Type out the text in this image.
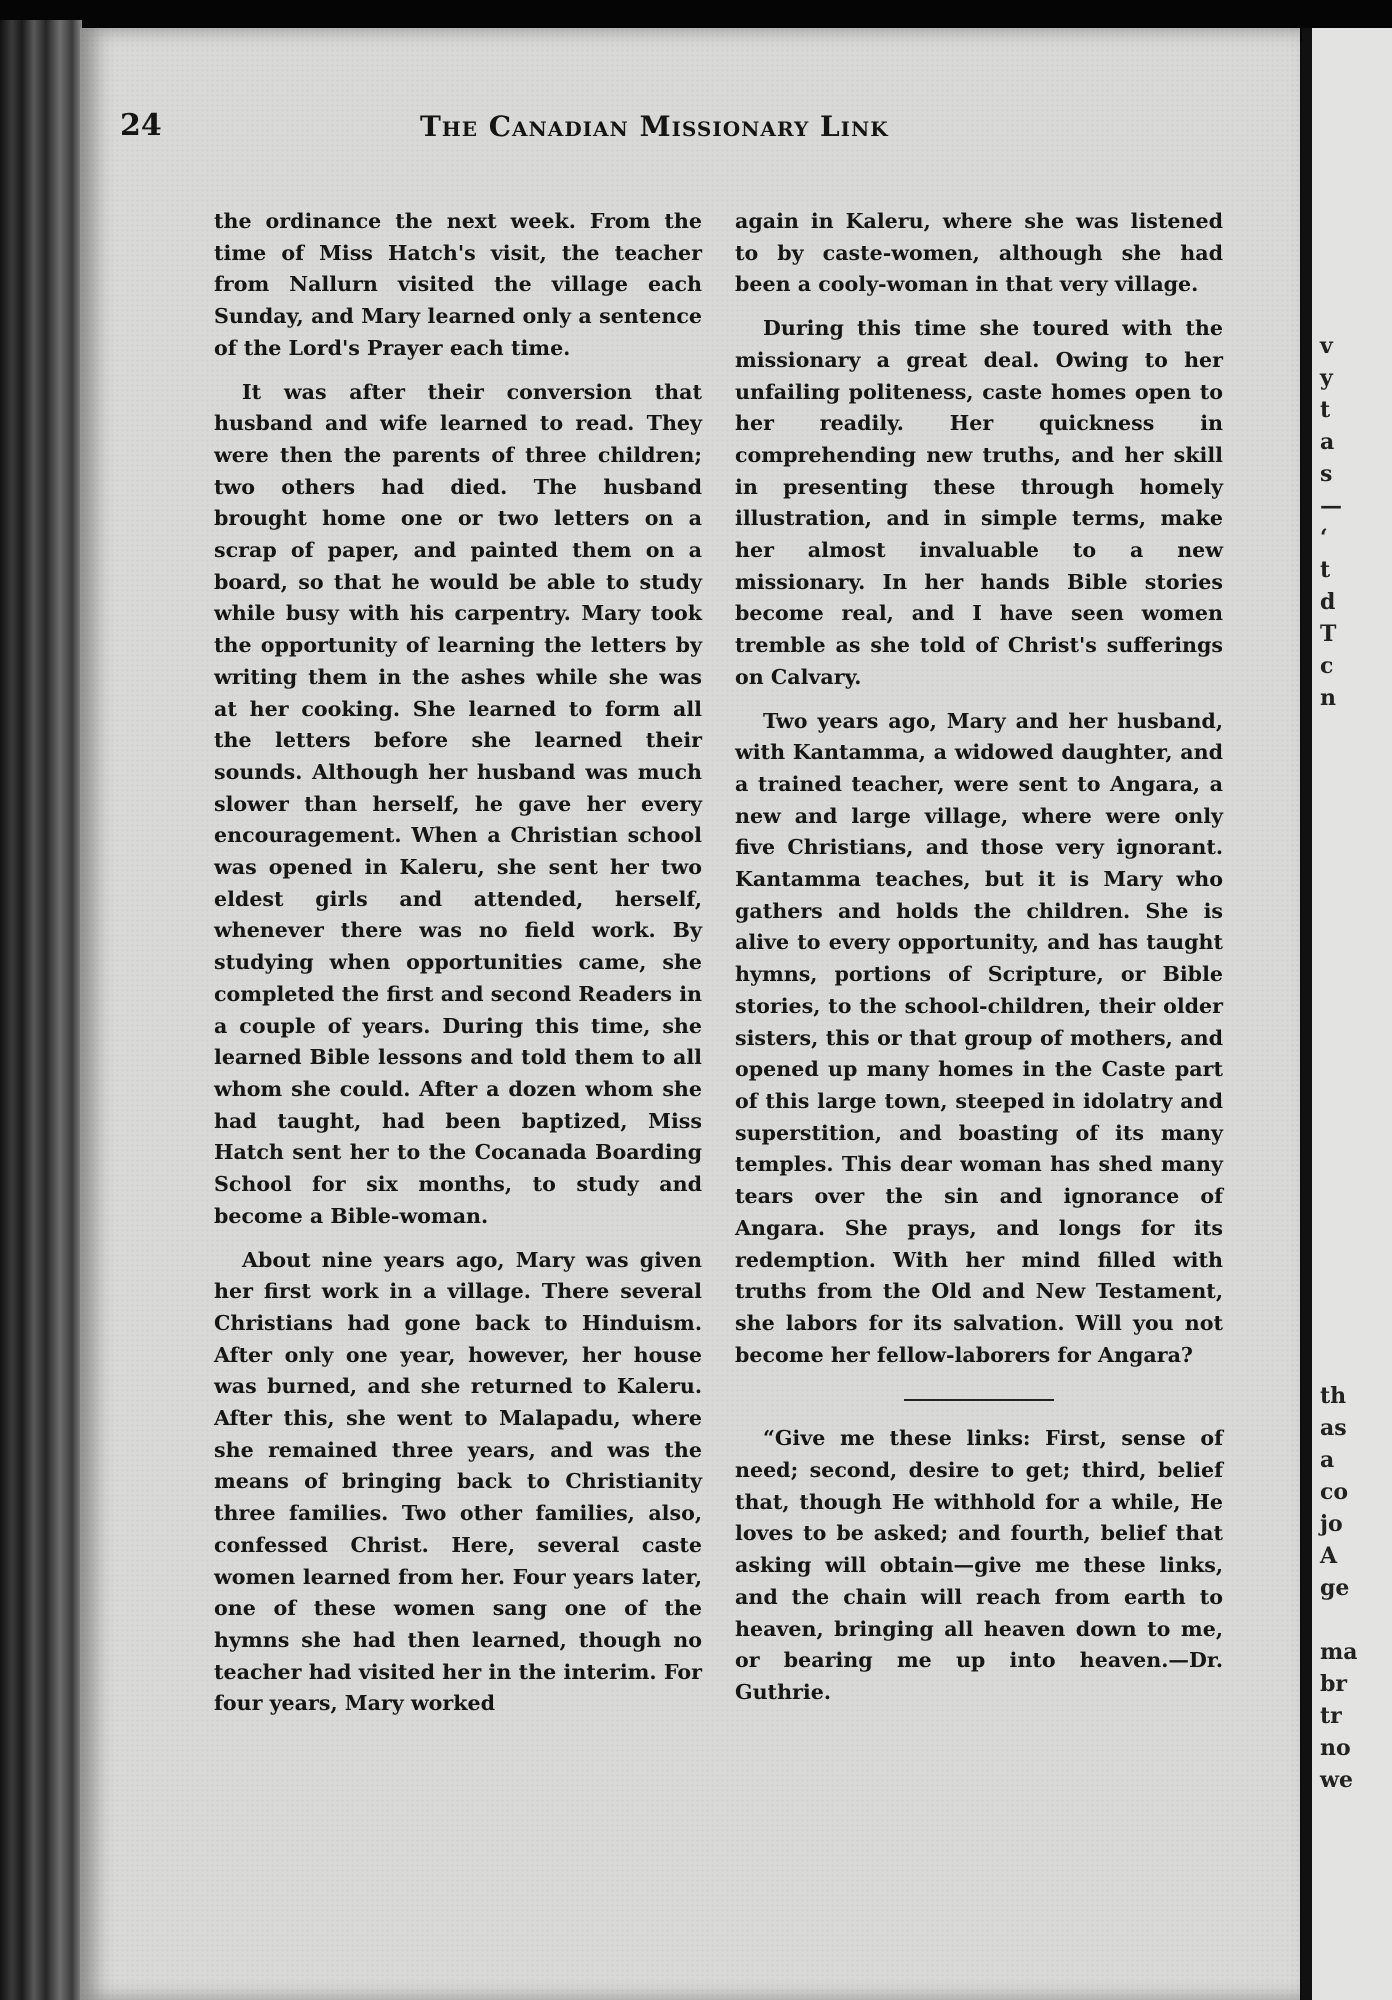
24	The Canadian Missionary Link

the ordinance the next week. From the time of Miss Hatch's visit, the teacher from Nallurn visited the village each Sunday, and Mary learned only a sentence of the Lord's Prayer each time.

It was after their conversion that husband and wife learned to read. They were then the parents of three children; two others had died. The husband brought home one or two letters on a scrap of paper, and painted them on a board, so that he would be able to study while busy with his carpentry. Mary took the opportunity of learning the letters by writing them in the ashes while she was at her cooking. She learned to form all the letters before she learned their sounds. Although her husband was much slower than herself, he gave her every encouragement. When a Christian school was opened in Kaleru, she sent her two eldest girls and attended, herself, whenever there was no field work. By studying when opportunities came, she completed the first and second Readers in a couple of years. During this time, she learned Bible lessons and told them to all whom she could. After a dozen whom she had taught, had been baptized, Miss Hatch sent her to the Cocanada Boarding School for six months, to study and become a Bible-woman.

About nine years ago, Mary was given her first work in a village. There several Christians had gone back to Hinduism. After only one year, however, her house was burned, and she returned to Kaleru. After this, she went to Malapadu, where she remained three years, and was the means of bringing back to Christianity three families. Two other families, also, confessed Christ. Here, several caste women learned from her. Four years later, one of these women sang one of the hymns she had then learned, though no teacher had visited her in the interim. For four years, Mary worked

again in Kaleru, where she was listened to by caste-women, although she had been a cooly-woman in that very village.

During this time she toured with the missionary a great deal. Owing to her unfailing politeness, caste homes open to her readily. Her quickness in comprehending new truths, and her skill in presenting these through homely illustration, and in simple terms, make her almost invaluable to a new missionary. In her hands Bible stories become real, and I have seen women tremble as she told of Christ's sufferings on Calvary.

Two years ago, Mary and her husband, with Kantamma, a widowed daughter, and a trained teacher, were sent to Angara, a new and large village, where were only five Christians, and those very ignorant. Kantamma teaches, but it is Mary who gathers and holds the children. She is alive to every opportunity, and has taught hymns, portions of Scripture, or Bible stories, to the school-children, their older sisters, this or that group of mothers, and opened up many homes in the Caste part of this large town, steeped in idolatry and superstition, and boasting of its many temples. This dear woman has shed many tears over the sin and ignorance of Angara. She prays, and longs for its redemption. With her mind filled with truths from the Old and New Testament, she labors for its salvation. Will you not become her fellow-laborers for Angara?

“Give me these links: First, sense of need; second, desire to get; third, belief that, though He withhold for a while, He loves to be asked; and fourth, belief that asking will obtain—give me these links, and the chain will reach from earth to heaven, bringing all heaven down to me, or bearing me up into heaven.—Dr. Guthrie.

v
y
t
a
s
—
‘
t
d
T
c
n
th
as
a
co
jo
A
ge
ma
br
tr
no
we
